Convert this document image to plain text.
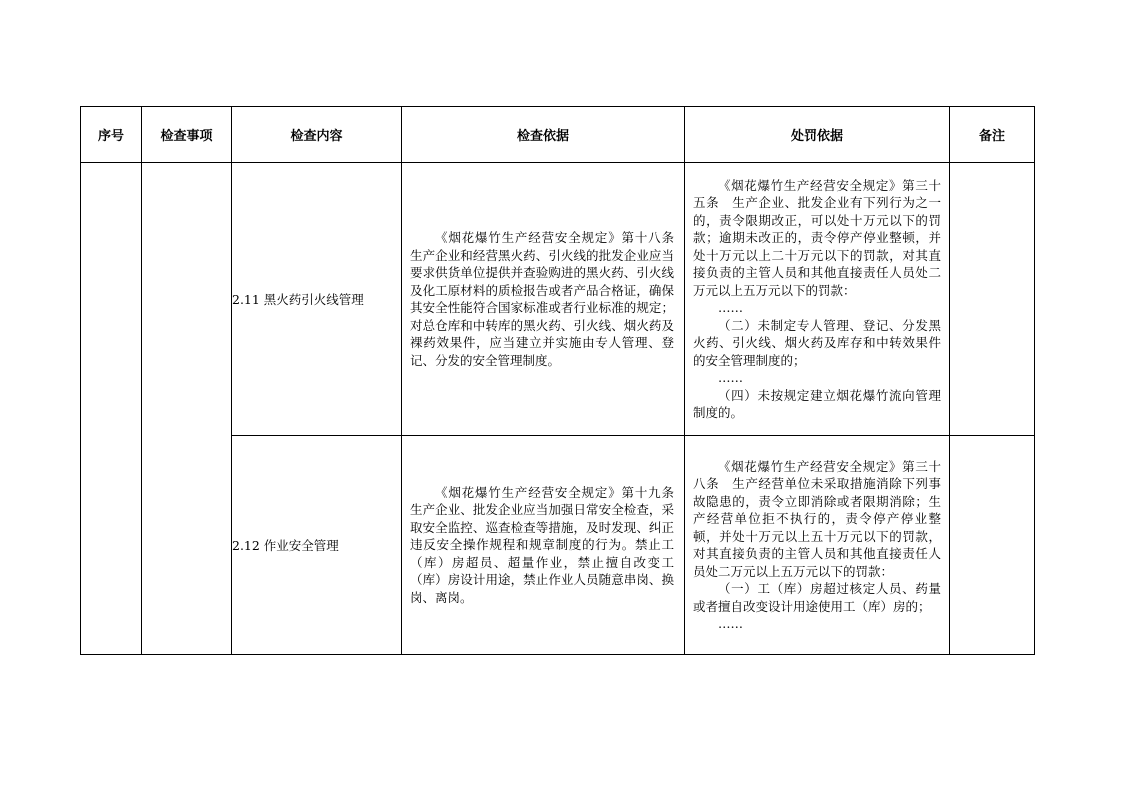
序号	检查事项	检查内容	检查依据	处罚依据	备注
		2.11 黑火药引火线管理	《烟花爆竹生产经营安全规定》第十八条　生产企业和经营黑火药、引火线的批发企业应当要求供货单位提供并查验购进的黑火药、引火线及化工原材料的质检报告或者产品合格证，确保其安全性能符合国家标准或者行业标准的规定；对总仓库和中转库的黑火药、引火线、烟火药及裸药效果件，应当建立并实施由专人管理、登记、分发的安全管理制度。	《烟花爆竹生产经营安全规定》第三十五条　生产企业、批发企业有下列行为之一的，责令限期改正，可以处十万元以下的罚款；逾期未改正的，责令停产停业整顿，并处十万元以上二十万元以下的罚款，对其直接负责的主管人员和其他直接责任人员处二万元以上五万元以下的罚款：

……

（二）未制定专人管理、登记、分发黑火药、引火线、烟火药及库存和中转效果件的安全管理制度的；

……

（四）未按规定建立烟花爆竹流向管理制度的。	

		2.12 作业安全管理	《烟花爆竹生产经营安全规定》第十九条　生产企业、批发企业应当加强日常安全检查，采取安全监控、巡查检查等措施，及时发现、纠正违反安全操作规程和规章制度的行为。禁止工（库）房超员、超量作业，禁止擅自改变工（库）房设计用途，禁止作业人员随意串岗、换岗、离岗。	《烟花爆竹生产经营安全规定》第三十八条　生产经营单位未采取措施消除下列事故隐患的，责令立即消除或者限期消除；生产经营单位拒不执行的，责令停产停业整顿，并处十万元以上五十万元以下的罚款，对其直接负责的主管人员和其他直接责任人员处二万元以上五万元以下的罚款：

（一）工（库）房超过核定人员、药量或者擅自改变设计用途使用工（库）房的；

……	
